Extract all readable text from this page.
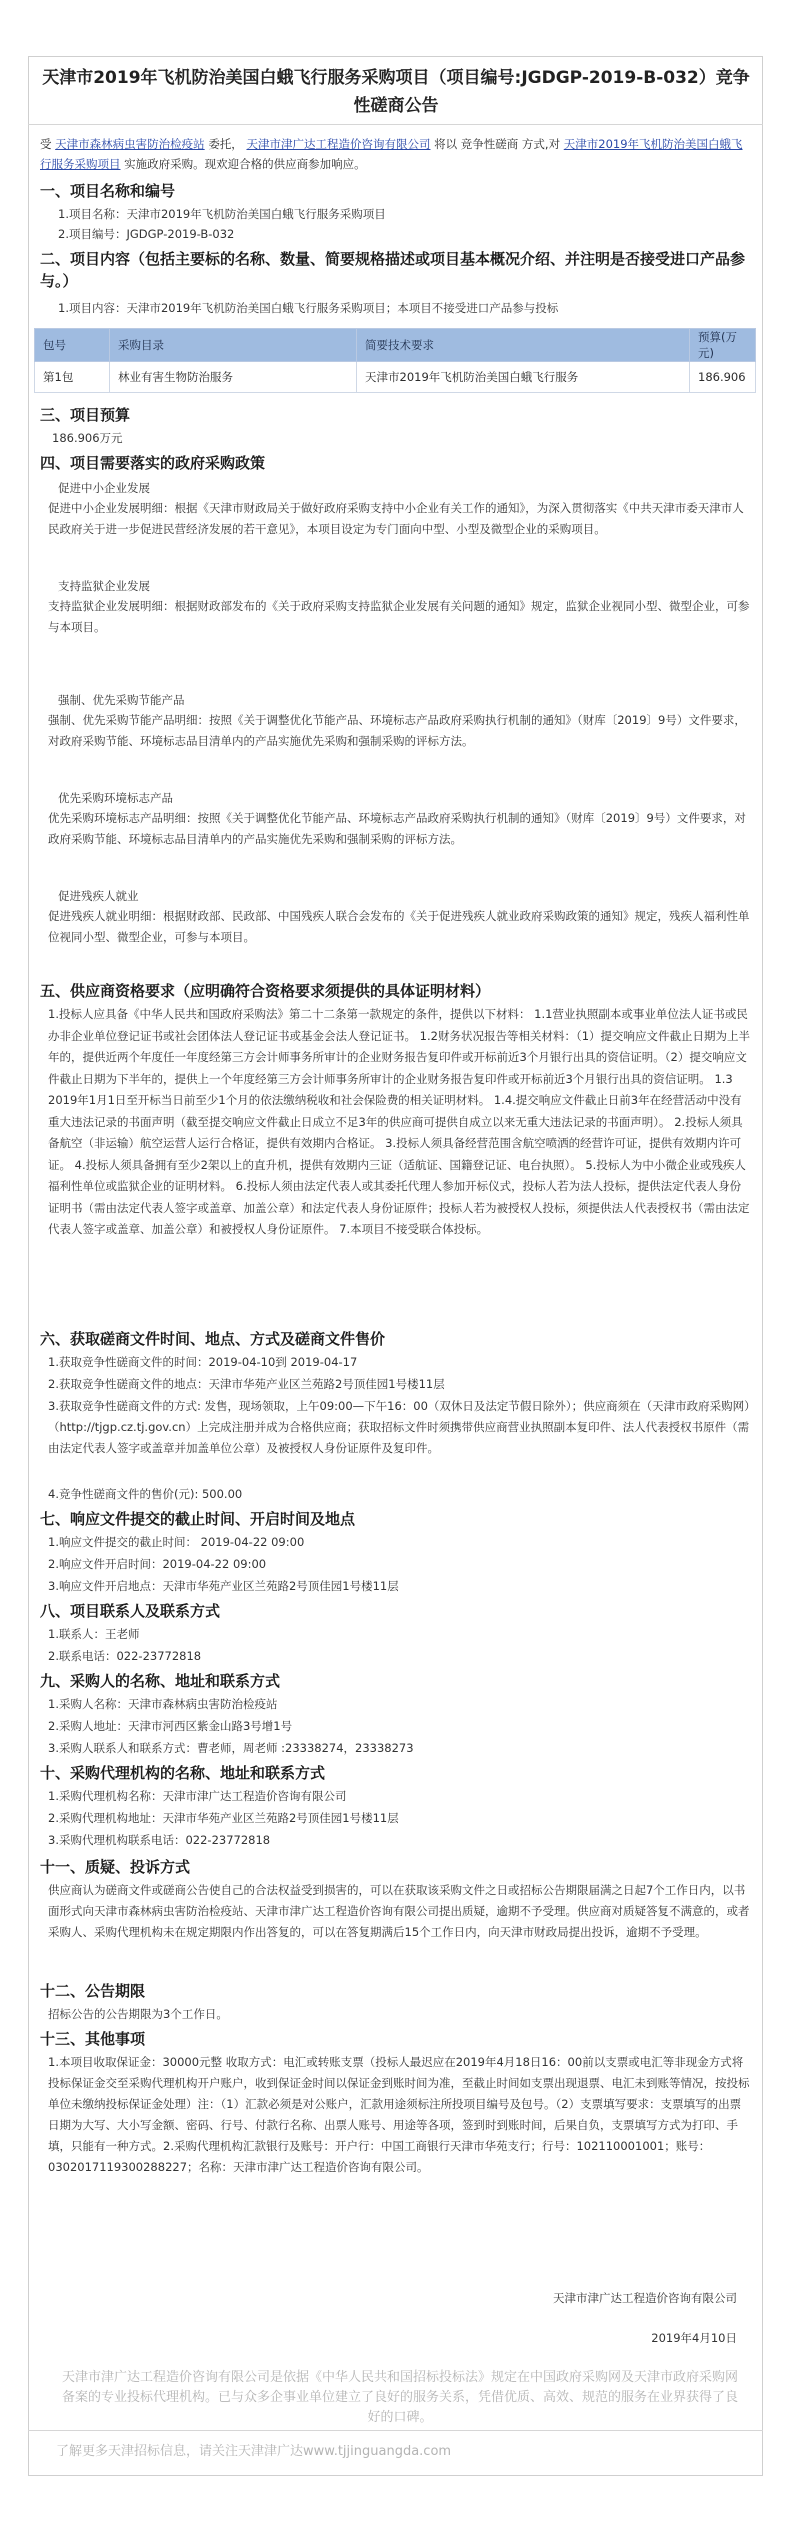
天津市2019年飞机防治美国白蛾飞行服务采购项目（项目编号:JGDGP-2019-B-032）竞争性磋商公告
受 天津市森林病虫害防治检疫站 委托， 天津市津广达工程造价咨询有限公司 将以 竞争性磋商 方式,对 天津市2019年飞机防治美国白蛾飞行服务采购项目 实施政府采购。现欢迎合格的供应商参加响应。
一、项目名称和编号
1.项目名称：天津市2019年飞机防治美国白蛾飞行服务采购项目
2.项目编号：JGDGP-2019-B-032
二、项目内容（包括主要标的名称、数量、简要规格描述或项目基本概况介绍、并注明是否接受进口产品参与。）
1.项目内容：天津市2019年飞机防治美国白蛾飞行服务采购项目；本项目不接受进口产品参与投标
包号	采购目录	简要技术要求	预算(万元)
第1包	林业有害生物防治服务	天津市2019年飞机防治美国白蛾飞行服务	186.906
三、项目预算
186.906万元
四、项目需要落实的政府采购政策
促进中小企业发展
促进中小企业发展明细：根据《天津市财政局关于做好政府采购支持中小企业有关工作的通知》，为深入贯彻落实《中共天津市委天津市人民政府关于进一步促进民营经济发展的若干意见》，本项目设定为专门面向中型、小型及微型企业的采购项目。
支持监狱企业发展
支持监狱企业发展明细：根据财政部发布的《关于政府采购支持监狱企业发展有关问题的通知》规定，监狱企业视同小型、微型企业，可参与本项目。
强制、优先采购节能产品
强制、优先采购节能产品明细：按照《关于调整优化节能产品、环境标志产品政府采购执行机制的通知》（财库〔2019〕9号）文件要求，对政府采购节能、环境标志品目清单内的产品实施优先采购和强制采购的评标方法。
优先采购环境标志产品
优先采购环境标志产品明细：按照《关于调整优化节能产品、环境标志产品政府采购执行机制的通知》（财库〔2019〕9号）文件要求，对政府采购节能、环境标志品目清单内的产品实施优先采购和强制采购的评标方法。
促进残疾人就业
促进残疾人就业明细：根据财政部、民政部、中国残疾人联合会发布的《关于促进残疾人就业政府采购政策的通知》规定，残疾人福利性单位视同小型、微型企业，可参与本项目。
五、供应商资格要求（应明确符合资格要求须提供的具体证明材料）
1.投标人应具备《中华人民共和国政府采购法》第二十二条第一款规定的条件，提供以下材料： 1.1营业执照副本或事业单位法人证书或民办非企业单位登记证书或社会团体法人登记证书或基金会法人登记证书。 1.2财务状况报告等相关材料：（1）提交响应文件截止日期为上半年的，提供近两个年度任一年度经第三方会计师事务所审计的企业财务报告复印件或开标前近3个月银行出具的资信证明。（2）提交响应文件截止日期为下半年的，提供上一个年度经第三方会计师事务所审计的企业财务报告复印件或开标前近3个月银行出具的资信证明。 1.3 2019年1月1日至开标当日前至少1个月的依法缴纳税收和社会保险费的相关证明材料。 1.4.提交响应文件截止日前3年在经营活动中没有重大违法记录的书面声明（截至提交响应文件截止日成立不足3年的供应商可提供自成立以来无重大违法记录的书面声明）。 2.投标人须具备航空（非运输）航空运营人运行合格证，提供有效期内合格证。 3.投标人须具备经营范围含航空喷洒的经营许可证，提供有效期内许可证。 4.投标人须具备拥有至少2架以上的直升机，提供有效期内三证（适航证、国籍登记证、电台执照）。 5.投标人为中小微企业或残疾人福利性单位或监狱企业的证明材料。 6.投标人须由法定代表人或其委托代理人参加开标仪式，投标人若为法人投标，提供法定代表人身份证明书（需由法定代表人签字或盖章、加盖公章）和法定代表人身份证原件；投标人若为被授权人投标，须提供法人代表授权书（需由法定代表人签字或盖章、加盖公章）和被授权人身份证原件。 7.本项目不接受联合体投标。
六、获取磋商文件时间、地点、方式及磋商文件售价
1.获取竞争性磋商文件的时间：2019-04-10到 2019-04-17
2.获取竞争性磋商文件的地点：天津市华苑产业区兰苑路2号顶佳园1号楼11层
3.获取竞争性磋商文件的方式: 发售，现场领取，上午09:00—下午16：00（双休日及法定节假日除外）；供应商须在（天津市政府采购网）（http://tjgp.cz.tj.gov.cn）上完成注册并成为合格供应商；获取招标文件时须携带供应商营业执照副本复印件、法人代表授权书原件（需由法定代表人签字或盖章并加盖单位公章）及被授权人身份证原件及复印件。
4.竞争性磋商文件的售价(元): 500.00
七、响应文件提交的截止时间、开启时间及地点
1.响应文件提交的截止时间： 2019-04-22 09:00
2.响应文件开启时间：2019-04-22 09:00
3.响应文件开启地点：天津市华苑产业区兰苑路2号顶佳园1号楼11层
八、项目联系人及联系方式
1.联系人：王老师
2.联系电话：022-23772818
九、采购人的名称、地址和联系方式
1.采购人名称：天津市森林病虫害防治检疫站
2.采购人地址：天津市河西区紫金山路3号增1号
3.采购人联系人和联系方式：曹老师，周老师 :23338274，23338273
十、采购代理机构的名称、地址和联系方式
1.采购代理机构名称：天津市津广达工程造价咨询有限公司
2.采购代理机构地址：天津市华苑产业区兰苑路2号顶佳园1号楼11层
3.采购代理机构联系电话：022-23772818
十一、质疑、投诉方式
供应商认为磋商文件或磋商公告使自己的合法权益受到损害的，可以在获取该采购文件之日或招标公告期限届满之日起7个工作日内，以书面形式向天津市森林病虫害防治检疫站、天津市津广达工程造价咨询有限公司提出质疑，逾期不予受理。供应商对质疑答复不满意的，或者采购人、采购代理机构未在规定期限内作出答复的，可以在答复期满后15个工作日内，向天津市财政局提出投诉，逾期不予受理。
十二、公告期限
招标公告的公告期限为3个工作日。
十三、其他事项
1.本项目收取保证金：30000元整 收取方式：电汇或转账支票（投标人最迟应在2019年4月18日16：00前以支票或电汇等非现金方式将投标保证金交至采购代理机构开户账户，收到保证金时间以保证金到账时间为准，至截止时间如支票出现退票、电汇未到账等情况，按投标单位未缴纳投标保证金处理）注：（1）汇款必须是对公账户，汇款用途须标注所投项目编号及包号。（2）支票填写要求：支票填写的出票日期为大写、大小写金额、密码、行号、付款行名称、出票人账号、用途等各项，签到时到账时间，后果自负，支票填写方式为打印、手填，只能有一种方式。2.采购代理机构汇款银行及账号：开户行：中国工商银行天津市华苑支行；行号：102110001001；账号：0302017119300288227；名称：天津市津广达工程造价咨询有限公司。
天津市津广达工程造价咨询有限公司
2019年4月10日
天津市津广达工程造价咨询有限公司是依据《中华人民共和国招标投标法》规定在中国政府采购网及天津市政府采购网备案的专业投标代理机构。已与众多企事业单位建立了良好的服务关系，凭借优质、高效、规范的服务在业界获得了良好的口碑。
了解更多天津招标信息，请关注天津津广达www.tjjinguangda.com
